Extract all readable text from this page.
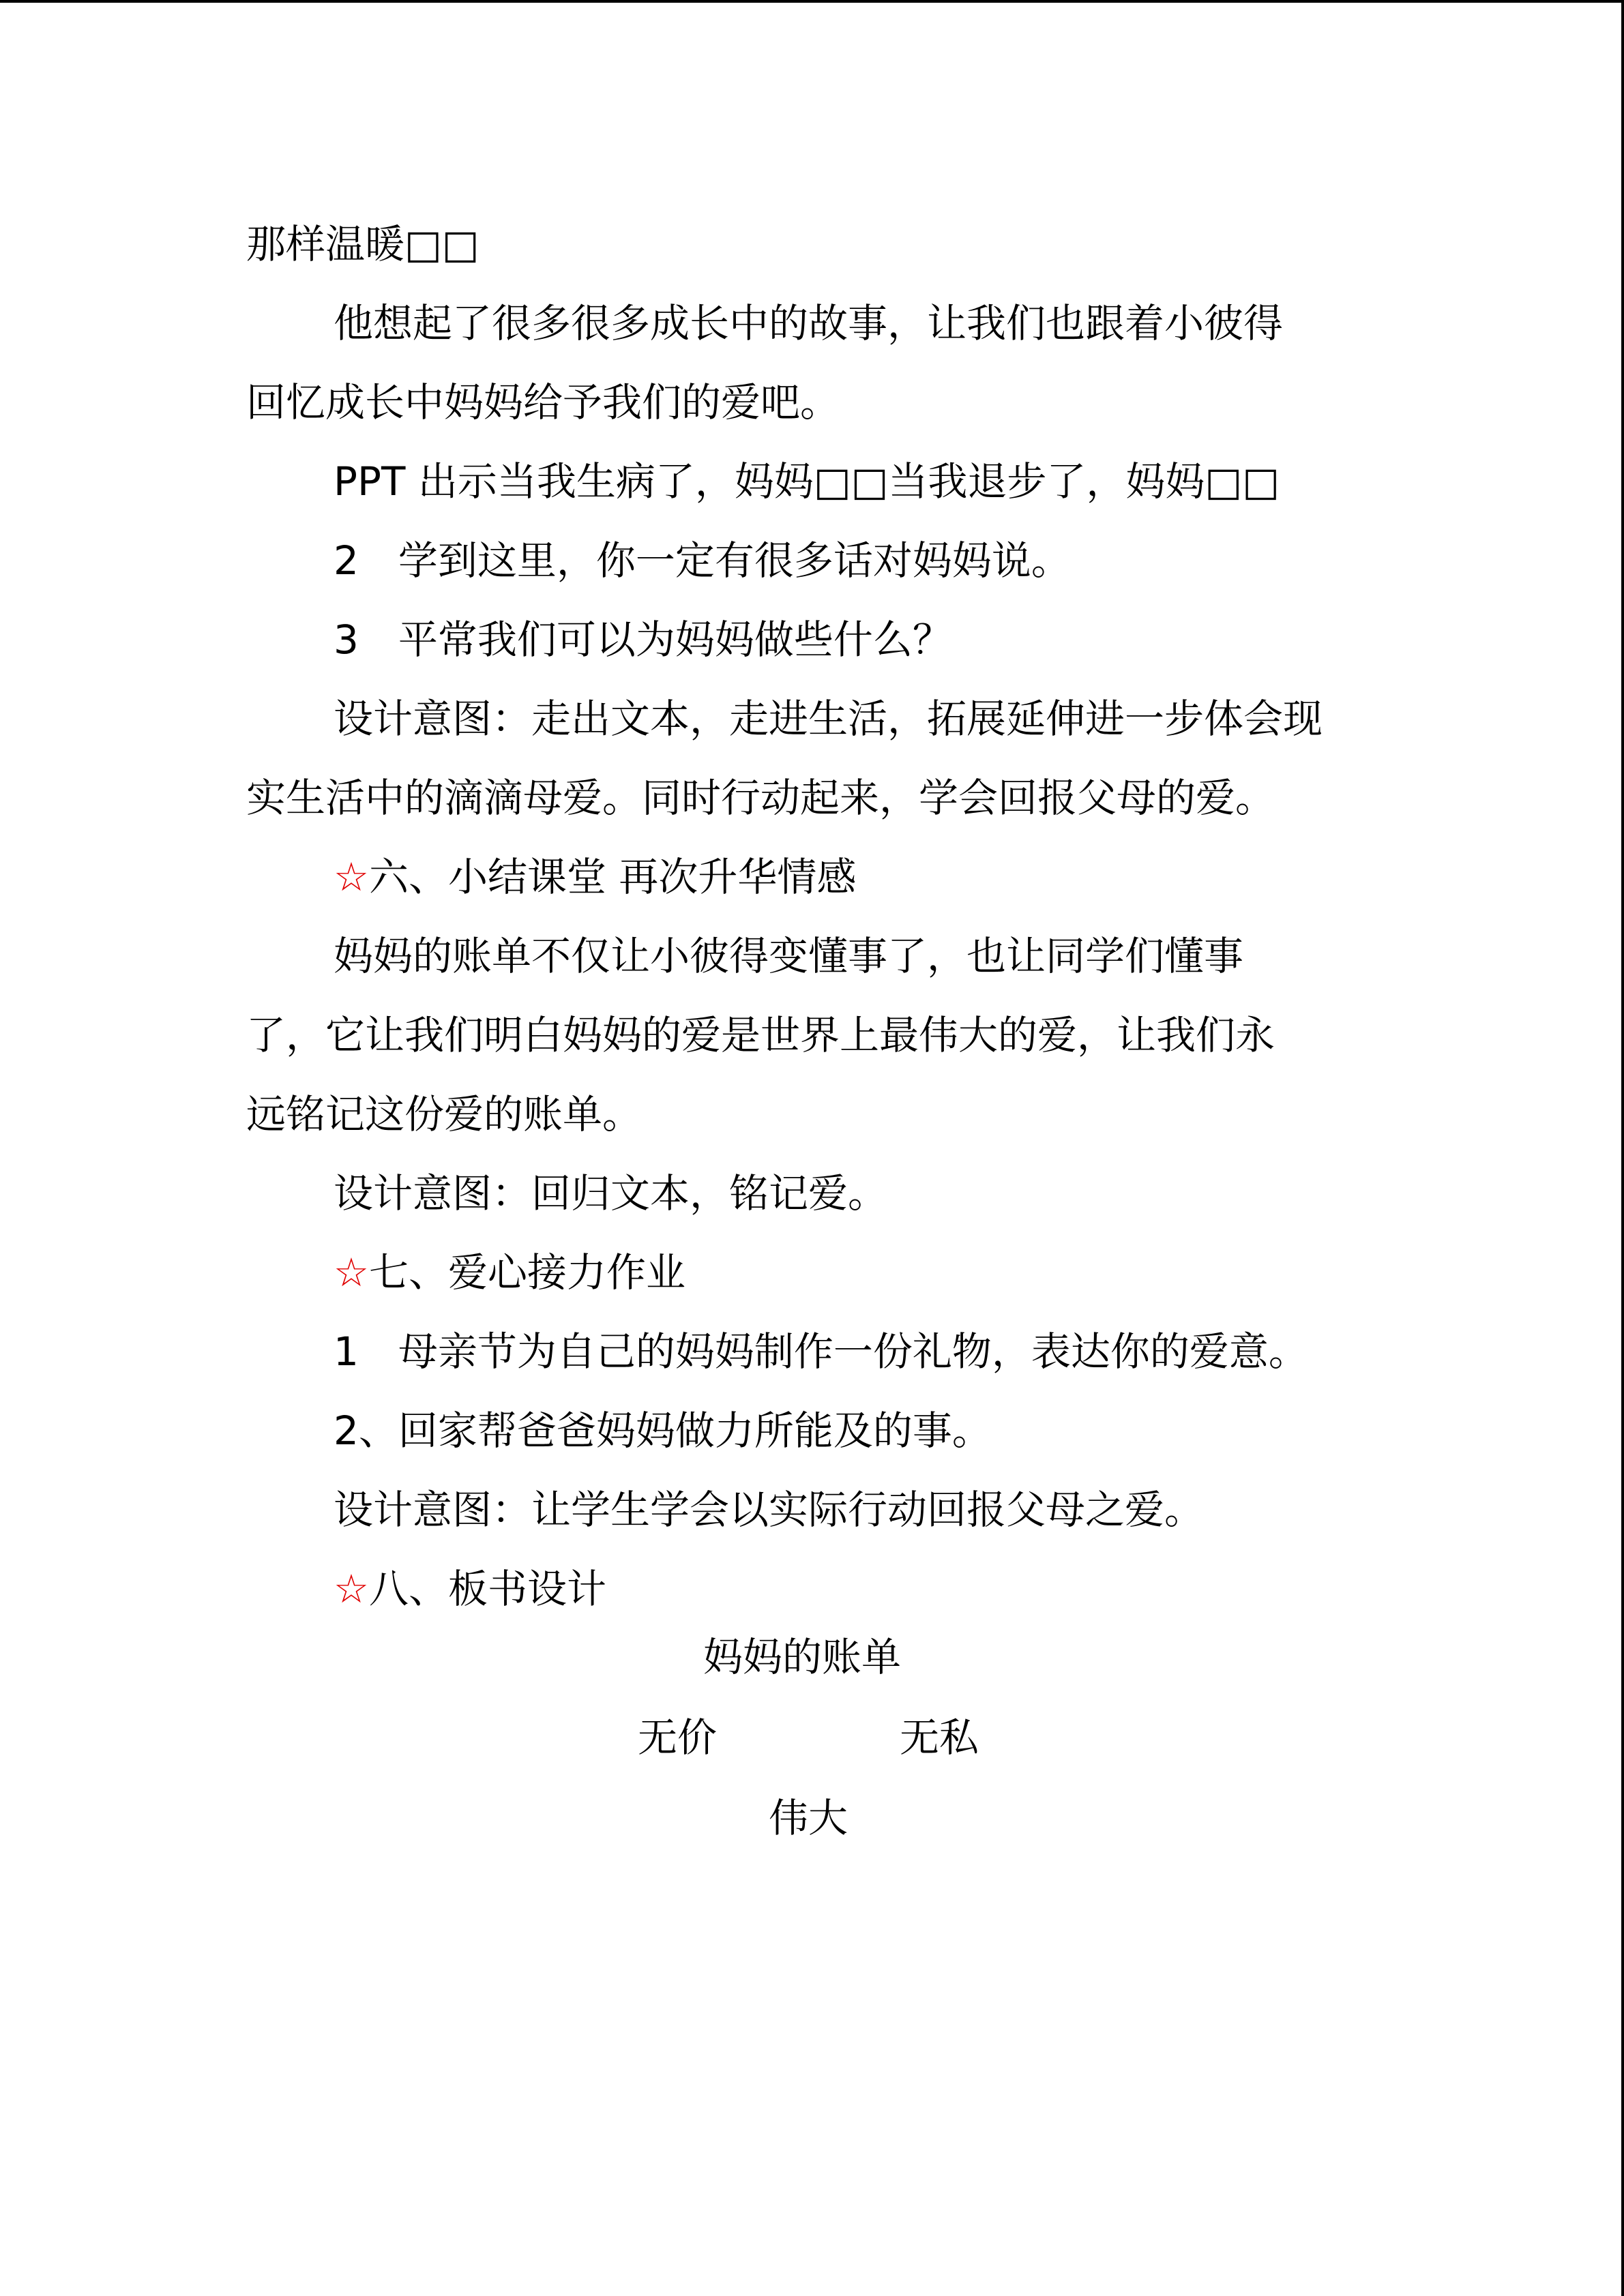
那样温暖□□

他想起了很多很多成长中的故事，让我们也跟着小彼得

回忆成长中妈妈给予我们的爱吧。

PPT 出示当我生病了，妈妈□□当我退步了，妈妈□□

2　学到这里，你一定有很多话对妈妈说。

3　平常我们可以为妈妈做些什么？

设计意图：走出文本，走进生活，拓展延伸进一步体会现

实生活中的滴滴母爱。同时行动起来，学会回报父母的爱。

☆六、小结课堂 再次升华情感

妈妈的账单不仅让小彼得变懂事了，也让同学们懂事

了，它让我们明白妈妈的爱是世界上最伟大的爱，让我们永

远铭记这份爱的账单。

设计意图：回归文本，铭记爱。

☆七、爱心接力作业

1　母亲节为自己的妈妈制作一份礼物，表达你的爱意。

2、回家帮爸爸妈妈做力所能及的事。

设计意图：让学生学会以实际行动回报父母之爱。

☆八、板书设计

妈妈的账单
无价	无私
伟大
